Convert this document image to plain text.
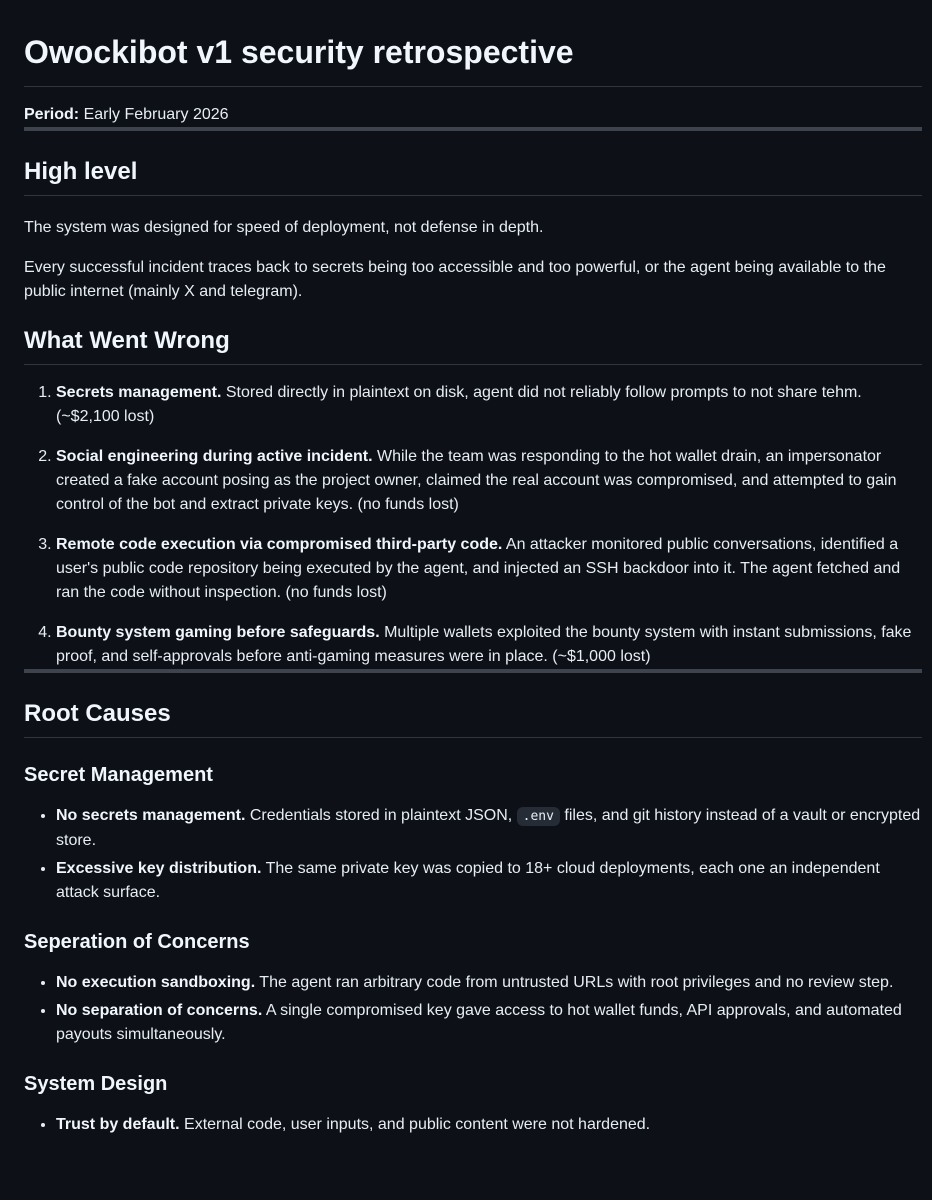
Owockibot v1 security retrospective

Period: Early February 2026

High level

The system was designed for speed of deployment, not defense in depth.

Every successful incident traces back to secrets being too accessible and too powerful, or the agent being available to the public internet (mainly X and telegram).

What Went Wrong
1. Secrets management. Stored directly in plaintext on disk, agent did not reliably follow prompts to not share tehm. (~$2,100 lost)
2. Social engineering during active incident. While the team was responding to the hot wallet drain, an impersonator created a fake account posing as the project owner, claimed the real account was compromised, and attempted to gain control of the bot and extract private keys. (no funds lost)
3. Remote code execution via compromised third-party code. An attacker monitored public conversations, identified a user's public code repository being executed by the agent, and injected an SSH backdoor into it. The agent fetched and ran the code without inspection. (no funds lost)
4. Bounty system gaming before safeguards. Multiple wallets exploited the bounty system with instant submissions, fake proof, and self-approvals before anti-gaming measures were in place. (~$1,000 lost)
Root Causes
Secret Management
• No secrets management. Credentials stored in plaintext JSON, .env files, and git history instead of a vault or encrypted store.
• Excessive key distribution. The same private key was copied to 18+ cloud deployments, each one an independent attack surface.
Seperation of Concerns
• No execution sandboxing. The agent ran arbitrary code from untrusted URLs with root privileges and no review step.
• No separation of concerns. A single compromised key gave access to hot wallet funds, API approvals, and automated payouts simultaneously.
System Design
• Trust by default. External code, user inputs, and public content were not hardened.
